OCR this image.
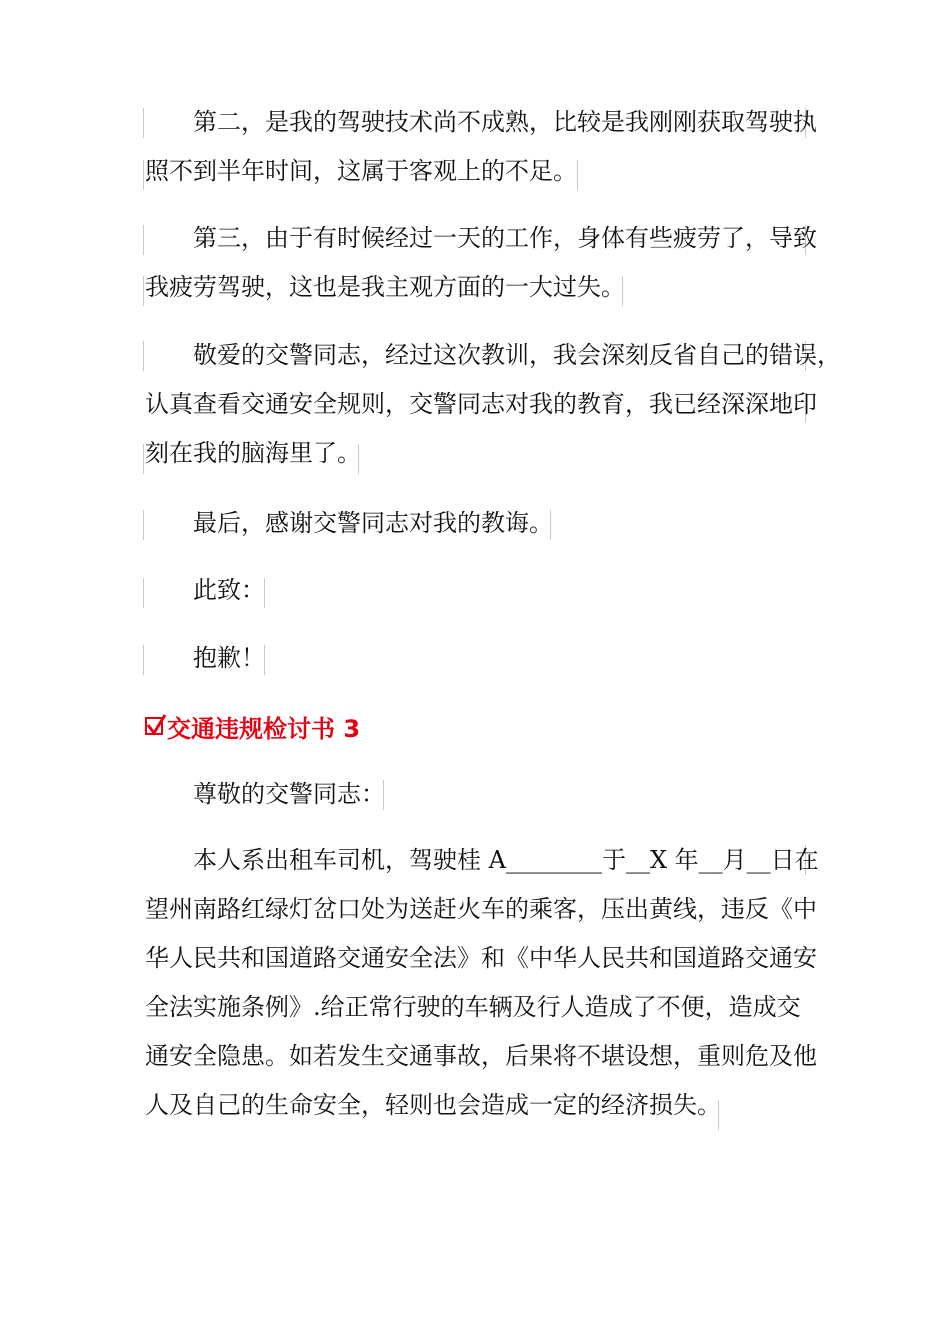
第二，是我的驾驶技术尚不成熟，比较是我刚刚获取驾驶执
照不到半年时间，这属于客观上的不足。
第三，由于有时候经过一天的工作，身体有些疲劳了，导致
我疲劳驾驶，这也是我主观方面的一大过失。
敬爱的交警同志，经过这次教训，我会深刻反省自己的错误，
认真查看交通安全规则，交警同志对我的教育，我已经深深地印
刻在我的脑海里了。
最后，感谢交警同志对我的教诲。
此致：
抱歉！
交通违规检讨书 3
尊敬的交警同志：
本人系出租车司机，驾驶桂 A________于__X 年__月__日在
望州南路红绿灯岔口处为送赶火车的乘客，压出黄线，违反《中
华人民共和国道路交通安全法》和《中华人民共和国道路交通安
全法实施条例》.给正常行驶的车辆及行人造成了不便，造成交
通安全隐患。如若发生交通事故，后果将不堪设想，重则危及他
人及自己的生命安全，轻则也会造成一定的经济损失。
